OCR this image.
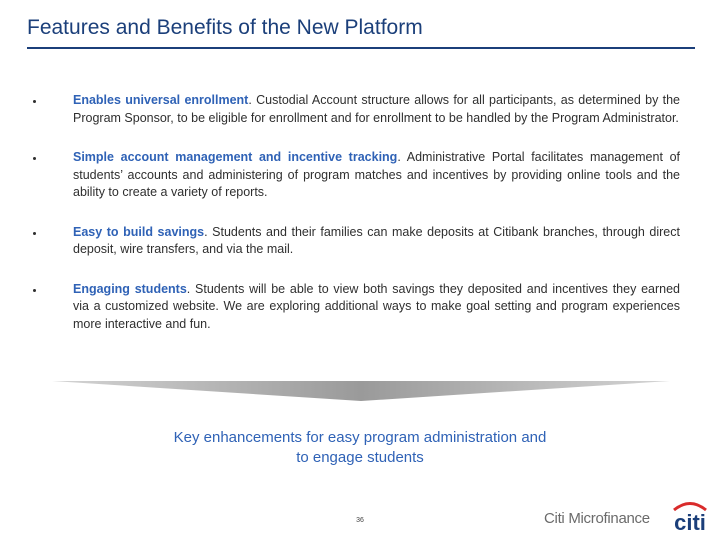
Features and Benefits of the New Platform
Enables universal enrollment. Custodial Account structure allows for all participants, as determined by the Program Sponsor, to be eligible for enrollment and for enrollment to be handled by the Program Administrator.
Simple account management and incentive tracking. Administrative Portal facilitates management of students’ accounts and administering of program matches and incentives by providing online tools and the ability to create a variety of reports.
Easy to build savings. Students and their families can make deposits at Citibank branches, through direct deposit, wire transfers, and via the mail.
Engaging students. Students will be able to view both savings they deposited and incentives they earned via a customized website. We are exploring additional ways to make goal setting and program experiences more interactive and fun.

Key enhancements for easy program administration and
to engage students

36	Citi Microfinance citi
